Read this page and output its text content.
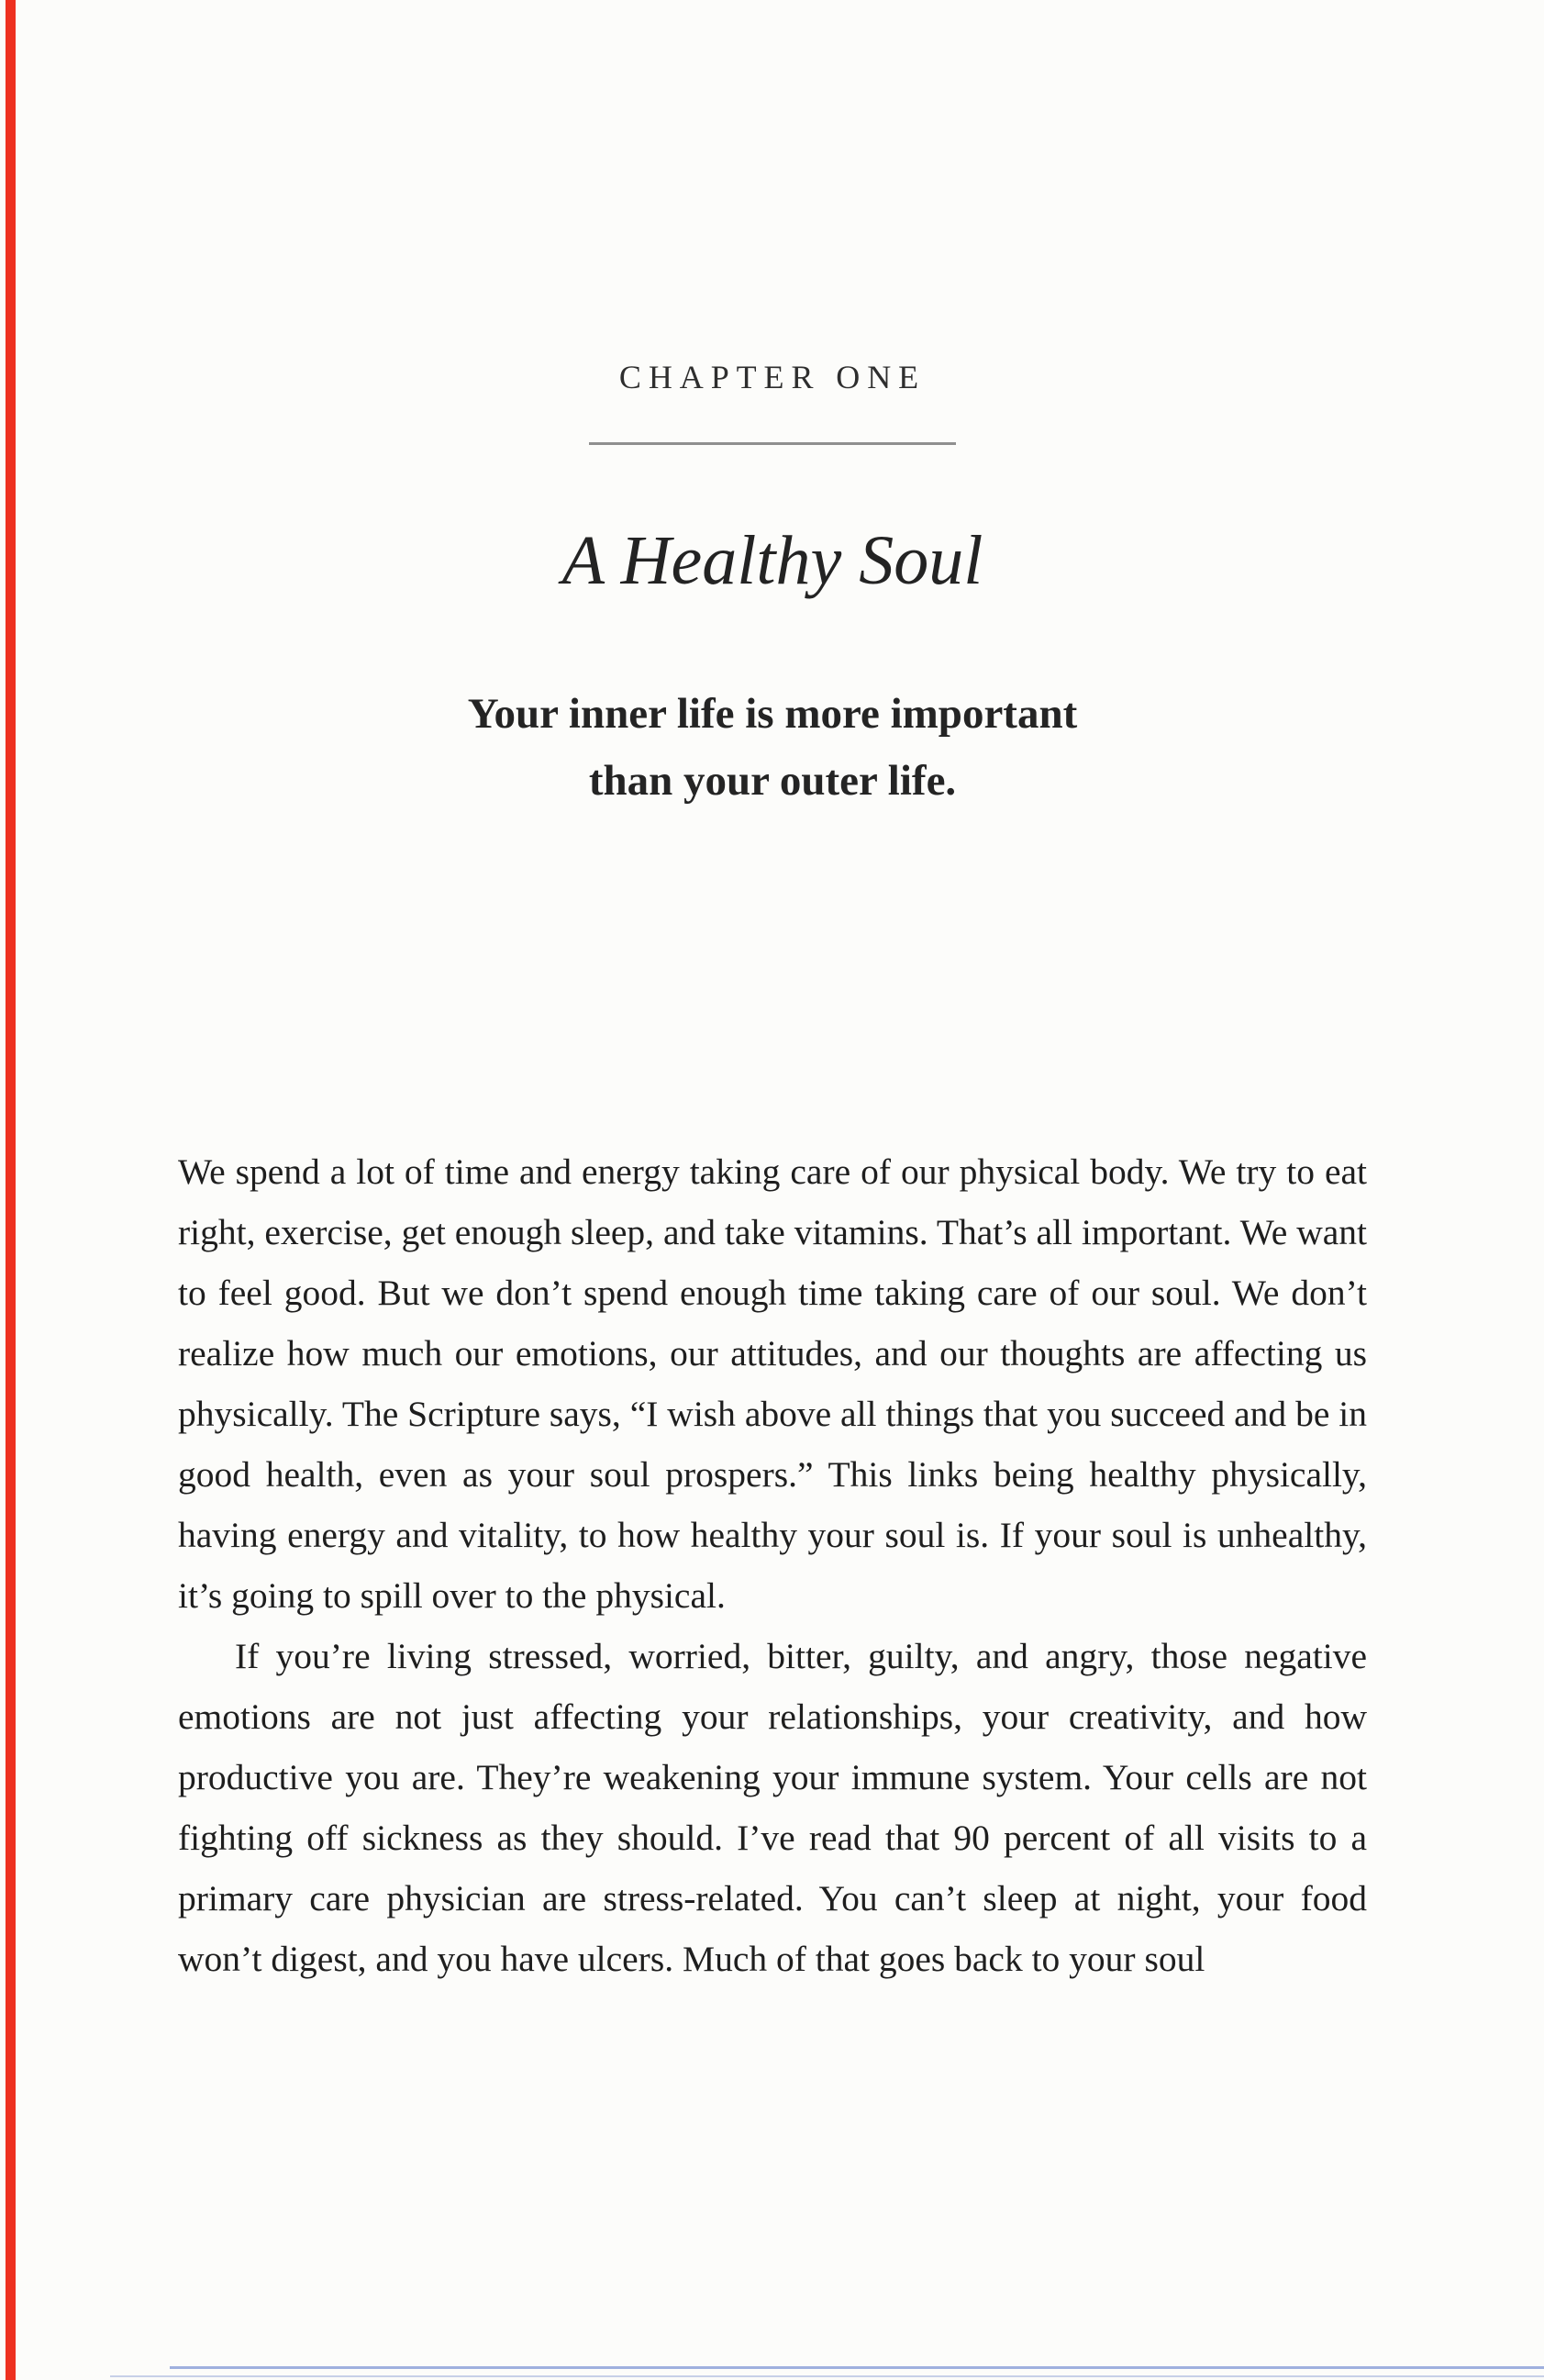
CHAPTER ONE
A Healthy Soul
Your inner life is more important
than your outer life.

We spend a lot of time and energy taking care of our physical body. We try to eat right, exercise, get enough sleep, and take vitamins. That’s all important. We want to feel good. But we don’t spend enough time taking care of our soul. We don’t realize how much our emotions, our attitudes, and our thoughts are affecting us physically. The Scripture says, “I wish above all things that you succeed and be in good health, even as your soul prospers.” This links being healthy physically, having energy and vitality, to how healthy your soul is. If your soul is unhealthy, it’s going to spill over to the physical.

If you’re living stressed, worried, bitter, guilty, and angry, those negative emotions are not just affecting your relationships, your creativity, and how productive you are. They’re weakening your immune system. Your cells are not fighting off sickness as they should. I’ve read that 90 percent of all visits to a primary care physician are stress-related. You can’t sleep at night, your food won’t digest, and you have ulcers. Much of that goes back to your soul
